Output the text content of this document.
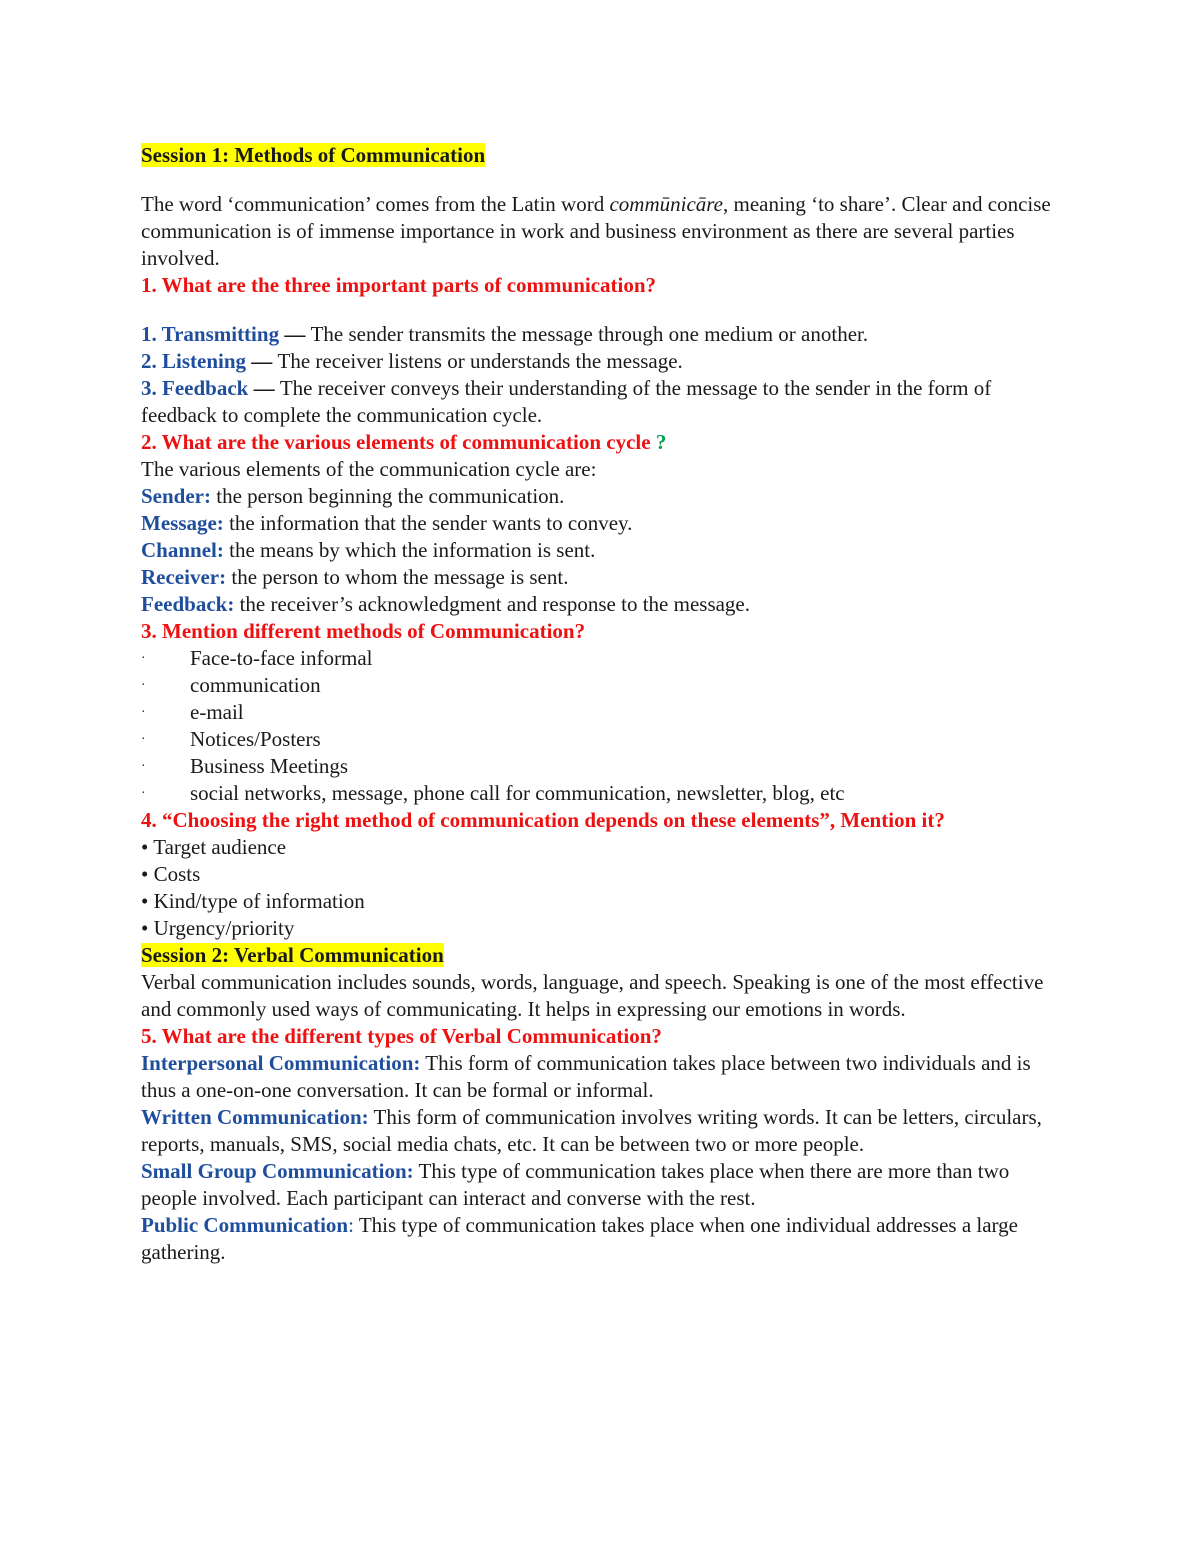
Session 1: Methods of Communication

The word ‘communication’ comes from the Latin word commūnicāre, meaning ‘to share’. Clear and concise communication is of immense importance in work and business environment as there are several parties involved.

1. What are the three important parts of communication?

1. Transmitting — The sender transmits the message through one medium or another.

2. Listening — The receiver listens or understands the message.

3. Feedback — The receiver conveys their understanding of the message to the sender in the form of feedback to complete the communication cycle.

2. What are the various elements of communication cycle ?

The various elements of the communication cycle are:

Sender: the person beginning the communication.

Message: the information that the sender wants to convey.

Channel: the means by which the information is sent.

Receiver: the person to whom the message is sent.

Feedback: the receiver’s acknowledgment and response to the message.

3. Mention different methods of Communication?

·	Face-to-face informal
·	communication
·	e-mail
·	Notices/Posters
·	Business Meetings
·	social networks, message, phone call for communication, newsletter, blog, etc

4. “Choosing the right method of communication depends on these elements”, Mention it?

• Target audience
• Costs
• Kind/type of information
• Urgency/priority

Session 2: Verbal Communication

Verbal communication includes sounds, words, language, and speech. Speaking is one of the most effective and commonly used ways of communicating. It helps in expressing our emotions in words.

5. What are the different types of Verbal Communication?

Interpersonal Communication: This form of communication takes place between two individuals and is thus a one-on-one conversation. It can be formal or informal.

Written Communication: This form of communication involves writing words. It can be letters, circulars, reports, manuals, SMS, social media chats, etc. It can be between two or more people.

Small Group Communication: This type of communication takes place when there are more than two people involved. Each participant can interact and converse with the rest.

Public Communication: This type of communication takes place when one individual addresses a large gathering.
